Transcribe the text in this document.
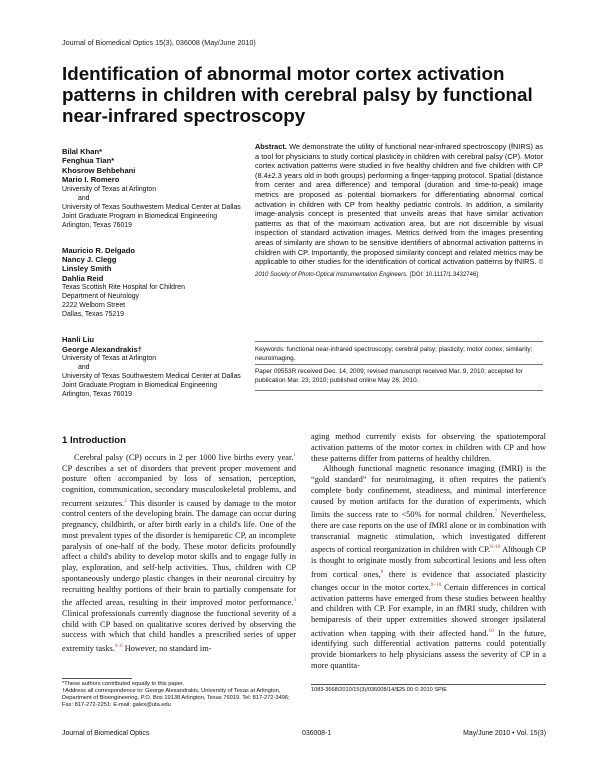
Journal of Biomedical Optics 15(3), 036008 (May/June 2010)
Identification of abnormal motor cortex activation patterns in children with cerebral palsy by functional near-infrared spectroscopy
Bilal Khan*
Fenghua Tian*
Khosrow Behbehani
Mario I. Romero
University of Texas at Arlington
and
University of Texas Southwestern Medical Center at Dallas
Joint Graduate Program in Biomedical Engineering
Arlington, Texas 76019
Mauricio R. Delgado
Nancy J. Clegg
Linsley Smith
Dahlia Reid
Texas Scottish Rite Hospital for Children
Department of Neurology
2222 Welborn Street
Dallas, Texas 75219
Hanli Liu
George Alexandrakis†
University of Texas at Arlington
and
University of Texas Southwestern Medical Center at Dallas
Joint Graduate Program in Biomedical Engineering
Arlington, Texas 76019
Abstract. We demonstrate the utility of functional near-infrared spectroscopy (fNIRS) as a tool for physicians to study cortical plasticity in children with cerebral palsy (CP). Motor cortex activation patterns were studied in five healthy children and five children with CP (8.4±2.3 years old in both groups) performing a finger-tapping protocol. Spatial (distance from center and area difference) and temporal (duration and time-to-peak) image metrics are proposed as potential biomarkers for differentiating abnormal cortical activation in children with CP from healthy pediatric controls. In addition, a similarity image-analysis concept is presented that unveils areas that have similar activation patterns as that of the maximum activation area, but are not discernible by visual inspection of standard activation images. Metrics derived from the images presenting areas of similarity are shown to be sensitive identifiers of abnormal activation patterns in children with CP. Importantly, the proposed similarity concept and related metrics may be applicable to other studies for the identification of cortical activation patterns by fNIRS. © 2010 Society of Photo-Optical Instrumentation Engineers. [DOI: 10.1117/1.3432746]
Keywords: functional near-infrared spectroscopy; cerebral palsy; plasticity; motor cortex; similarity; neuroimaging.
Paper 09553R received Dec. 14, 2009; revised manuscript received Mar. 9, 2010; accepted for publication Mar. 23, 2010; published online May 26, 2010.
1 Introduction

Cerebral palsy (CP) occurs in 2 per 1000 live births every year.$^1$ CP describes a set of disorders that prevent proper movement and posture often accompanied by loss of sensation, perception, cognition, communication, secondary musculoskeletal problems, and recurrent seizures.$^2$ This disorder is caused by damage to the motor control centers of the developing brain. The damage can occur during pregnancy, childbirth, or after birth early in a child's life. One of the most prevalent types of the disorder is hemiparetic CP, an incomplete paralysis of one-half of the body. These motor deficits profoundly affect a child's ability to develop motor skills and to engage fully in play, exploration, and self-help activities. Thus, children with CP spontaneously undergo plastic changes in their neuronal circuitry by recruiting healthy portions of their brain to partially compensate for the affected areas, resulting in their improved motor performance.$^3$ Clinical professionals currently diagnose the functional severity of a child with CP based on qualitative scores derived by observing the success with which that child handles a prescribed series of upper extremity tasks.$^{4-6}$ However, no standard im-

aging method currently exists for observing the spatiotemporal activation patterns of the motor cortex in children with CP and how these patterns differ from patterns of healthy children.

Although functional magnetic resonance imaging (fMRI) is the “gold standard” for neuroimaging, it often requires the patient's complete body confinement, steadiness, and minimal interference caused by motion artifacts for the duration of experiments, which limits the success rate to <50% for normal children.$^7$ Nevertheless, there are case reports on the use of fMRI alone or in combination with transcranial magnetic stimulation, which investigated different aspects of cortical reorganization in children with CP.$^{8-18}$ Although CP is thought to originate mostly from subcortical lesions and less often from cortical ones,$^8$ there is evidence that associated plasticity changes occur in the motor cortex.$^{9-18}$ Certain differences in cortical activation patterns have emerged from these studies between healthy and children with CP. For example, in an fMRI study, children with hemiparesis of their upper extremities showed stronger ipsilateral activation when tapping with their affected hand.$^{10}$ In the future, identifying such differential activation patterns could potentially provide biomarkers to help physicians assess the severity of CP in a more quantita-

*These authors contributed equally to this paper.
†Address all correspondence to: George Alexandrakis, University of Texas at Arlington, Department of Bioengineering, P.O. Box 19138 Arlington, Texas 76019. Tel: 817-272-3496; Fax: 817-272-2251; E-mail: galex@uta.edu
1083-3668/2010/15(3)/036008/14/$25.00 © 2010 SPIE
Journal of Biomedical Optics	036008-1	May/June 2010 • Vol. 15(3)
